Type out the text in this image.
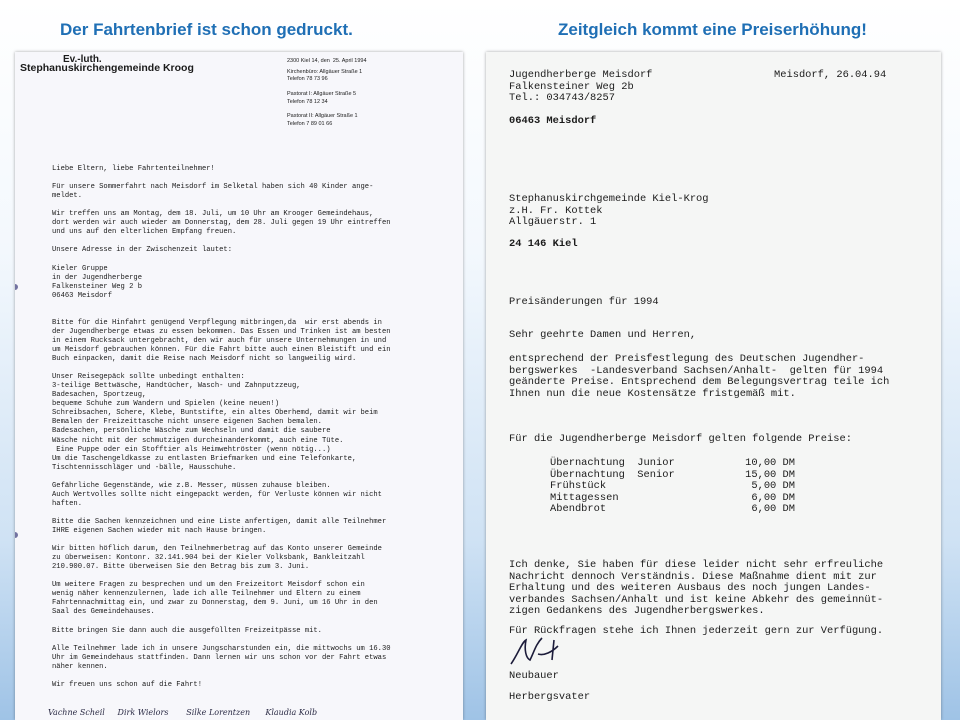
Der Fahrtenbrief ist schon gedruckt.	Zeitgleich kommt eine Preiserhöhung!
Ev.-luth.
Stephanuskirchengemeinde Kroog
2300 Kiel 14, den  25. April 1994
Kirchenbüro: Allgäuer Straße 1
Telefon 78 73 96
Pastorat I: Allgäuer Straße 5
Telefon 78 12 34
Pastorat II: Allgäuer Straße 1
Telefon 7 89 01 66
Liebe Eltern, liebe Fahrtenteilnehmer!
Für unsere Sommerfahrt nach Meisdorf im Selketal haben sich 40 Kinder ange-
meldet.
Wir treffen uns am Montag, dem 18. Juli, um 10 Uhr am Krooger Gemeindehaus,
dort werden wir auch wieder am Donnerstag, dem 28. Juli gegen 19 Uhr eintreffen
und uns auf den elterlichen Empfang freuen.
Unsere Adresse in der Zwischenzeit lautet:
Kieler Gruppe
in der Jugendherberge
Falkensteiner Weg 2 b
06463 Meisdorf
Bitte für die Hinfahrt genügend Verpflegung mitbringen,da  wir erst abends in
der Jugendherberge etwas zu essen bekommen. Das Essen und Trinken ist am besten
in einem Rucksack untergebracht, den wir auch für unsere Unternehmungen in und
um Meisdorf gebrauchen können. Für die Fahrt bitte auch einen Bleistift und ein
Buch einpacken, damit die Reise nach Meisdorf nicht so langweilig wird.
Unser Reisegepäck sollte unbedingt enthalten:
3-teilige Bettwäsche, Handtücher, Wasch- und Zahnputzzeug,
Badesachen, Sportzeug,
bequeme Schuhe zum Wandern und Spielen (keine neuen!)
Schreibsachen, Schere, Klebe, Buntstifte, ein altes Oberhemd, damit wir beim
Bemalen der Freizeittasche nicht unsere eigenen Sachen bemalen.
Badesachen, persönliche Wäsche zum Wechseln und damit die saubere
Wäsche nicht mit der schmutzigen durcheinanderkommt, auch eine Tüte.
Eine Puppe oder ein Stofftier als Heimwehtröster (wenn nötig...)
Um die Taschengeldkasse zu entlasten Briefmarken und eine Telefonkarte,
Tischtennisschläger und -bälle, Hausschuhe.
Gefährliche Gegenstände, wie z.B. Messer, müssen zuhause bleiben.
Auch Wertvolles sollte nicht eingepackt werden, für Verluste können wir nicht
haften.
Bitte die Sachen kennzeichnen und eine Liste anfertigen, damit alle Teilnehmer
IHRE eigenen Sachen wieder mit nach Hause bringen.
Wir bitten höflich darum, den Teilnehmerbetrag auf das Konto unserer Gemeinde
zu überweisen: Kontonr. 32.141.904 bei der Kieler Volksbank, Bankleitzahl
210.900.07. Bitte überweisen Sie den Betrag bis zum 3. Juni.
Um weitere Fragen zu besprechen und um den Freizeitort Meisdorf schon ein
wenig näher kennenzulernen, lade ich alle Teilnehmer und Eltern zu einem
Fahrtennachmittag ein, und zwar zu Donnerstag, dem 9. Juni, um 16 Uhr in den
Saal des Gemeindehauses.
Bitte bringen Sie dann auch die ausgefüllten Freizeitpässe mit.
Alle Teilnehmer lade ich in unsere Jungscharstunden ein, die mittwochs um 16.30
Uhr im Gemeindehaus stattfinden. Dann lernen wir uns schon vor der Fahrt etwas
näher kennen.
Wir freuen uns schon auf die Fahrt!
Vachne Scheil     Dirk Wielors       Silke Lorentzen      Klaudia Kolb
Jugendherberge Meisdorf
Falkensteiner Weg 2b
Tel.: 034743/8257
Meisdorf, 26.04.94
06463 Meisdorf
Stephanuskirchgemeinde Kiel-Krog
z.H. Fr. Kottek
Allgäuerstr. 1
24 146 Kiel
Preisänderungen für 1994
Sehr geehrte Damen und Herren,
entsprechend der Preisfestlegung des Deutschen Jugendher-
bergswerkes  -Landesverband Sachsen/Anhalt-  gelten für 1994
geänderte Preise. Entsprechend dem Belegungsvertrag teile ich
Ihnen nun die neue Kostensätze fristgemäß mit.
Für die Jugendherberge Meisdorf gelten folgende Preise:
Übernachtung  Junior	10,00 DM
Übernachtung  Senior	15,00 DM
Frühstück	5,00 DM
Mittagessen	6,00 DM
Abendbrot	6,00 DM
Ich denke, Sie haben für diese leider nicht sehr erfreuliche
Nachricht dennoch Verständnis. Diese Maßnahme dient mit zur
Erhaltung und des weiteren Ausbaus des noch jungen Landes-
verbandes Sachsen/Anhalt und ist keine Abkehr des gemeinnüt-
zigen Gedankens des Jugendherbergswerkes.
Für Rückfragen stehe ich Ihnen jederzeit gern zur Verfügung.
Neubauer
Herbergsvater
